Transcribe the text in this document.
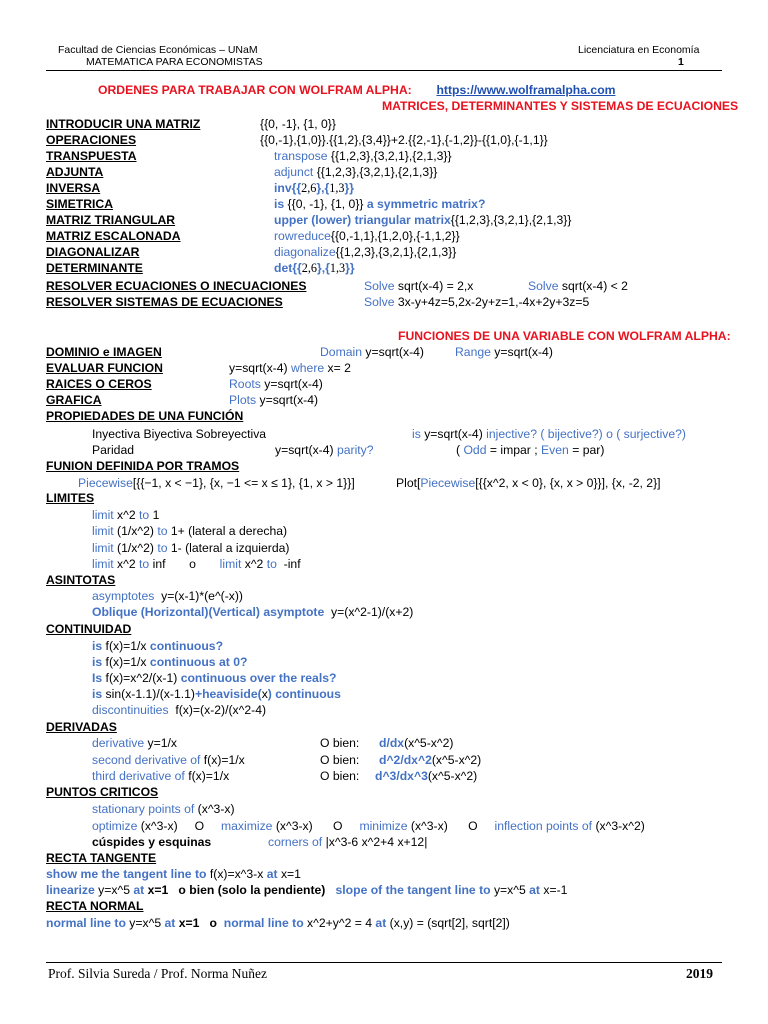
Facultad de Ciencias Económicas – UNaM
MATEMATICA PARA ECONOMISTAS
Licenciatura en Economía
1
ORDENES PARA TRABAJAR CON WOLFRAM ALPHA: https://www.wolframalpha.com
MATRICES, DETERMINANTES Y SISTEMAS DE ECUACIONES
INTRODUCIR UNA MATRIZ	{{0, -1}, {1, 0}}
OPERACIONES	{{0,-1},{1,0}}.{{1,2},{3,4}}+2.{{2,-1},{-1,2}}-{{1,0},{-1,1}}
TRANSPUESTA	transpose {{1,2,3},{3,2,1},{2,1,3}}
ADJUNTA	adjunct {{1,2,3},{3,2,1},{2,1,3}}
INVERSA	inv{{2,6},{1,3}}
SIMETRICA	is {{0, -1}, {1, 0}} a symmetric matrix?
MATRIZ TRIANGULAR	upper (lower) triangular matrix{{1,2,3},{3,2,1},{2,1,3}}
MATRIZ ESCALONADA	rowreduce{{0,-1,1},{1,2,0},{-1,1,2}}
DIAGONALIZAR	diagonalize{{1,2,3},{3,2,1},{2,1,3}}
DETERMINANTE	det{{2,6},{1,3}}
RESOLVER ECUACIONES O INECUACIONES	Solve sqrt(x-4) = 2,x	Solve sqrt(x-4) < 2
RESOLVER SISTEMAS DE ECUACIONES	Solve 3x-y+4z=5,2x-2y+z=1,-4x+2y+3z=5
FUNCIONES DE UNA VARIABLE CON WOLFRAM ALPHA:
DOMINIO e IMAGEN	Domain y=sqrt(x-4)	Range y=sqrt(x-4)
EVALUAR FUNCION	y=sqrt(x-4) where x= 2
RAICES O CEROS	Roots y=sqrt(x-4)
GRAFICA	Plots y=sqrt(x-4)
PROPIEDADES DE UNA FUNCIÓN
Inyectiva Biyectiva Sobreyectiva	is y=sqrt(x-4) injective? ( bijective?) o ( surjective?)
Paridad	y=sqrt(x-4) parity?	( Odd = impar ; Even = par)
FUNION DEFINIDA POR TRAMOS
Piecewise[{{−1, x < −1}, {x, −1 <= x ≤ 1}, {1, x > 1}}]	Plot[Piecewise[{{x^2, x < 0}, {x, x > 0}}], {x, -2, 2}]
LIMITES
limit x^2 to 1
limit (1/x^2) to 1+ (lateral a derecha)
limit (1/x^2) to 1- (lateral a izquierda)
limit x^2 to inf       o       limit x^2 to  -inf
ASINTOTAS
asymptotes  y=(x-1)*(e^(-x))
Oblique (Horizontal)(Vertical) asymptote  y=(x^2-1)/(x+2)
CONTINUIDAD
is f(x)=1/x continuous?
is f(x)=1/x continuous at 0?
Is f(x)=x^2/(x-1) continuous over the reals?
is sin(x-1.1)/(x-1.1)+heaviside(x) continuous
discontinuities  f(x)=(x-2)/(x^2-4)
DERIVADAS
derivative y=1/x	O bien: d/dx(x^5-x^2)
second derivative of f(x)=1/x	O bien: d^2/dx^2(x^5-x^2)
third derivative of f(x)=1/x	O bien: d^3/dx^3(x^5-x^2)
PUNTOS CRITICOS
stationary points of (x^3-x)
optimize (x^3-x)     O     maximize (x^3-x)      O     minimize (x^3-x)      O     inflection points of (x^3-x^2)
cúspides y esquinas	corners of |x^3-6 x^2+4 x+12|
RECTA TANGENTE
show me the tangent line to f(x)=x^3-x at x=1
linearize y=x^5 at x=1   o bien (solo la pendiente)   slope of the tangent line to y=x^5 at x=-1
RECTA NORMAL
normal line to y=x^5 at x=1   o  normal line to x^2+y^2 = 4 at (x,y) = (sqrt[2], sqrt[2])
Prof. Silvia Sureda / Prof. Norma Nuñez	2019
